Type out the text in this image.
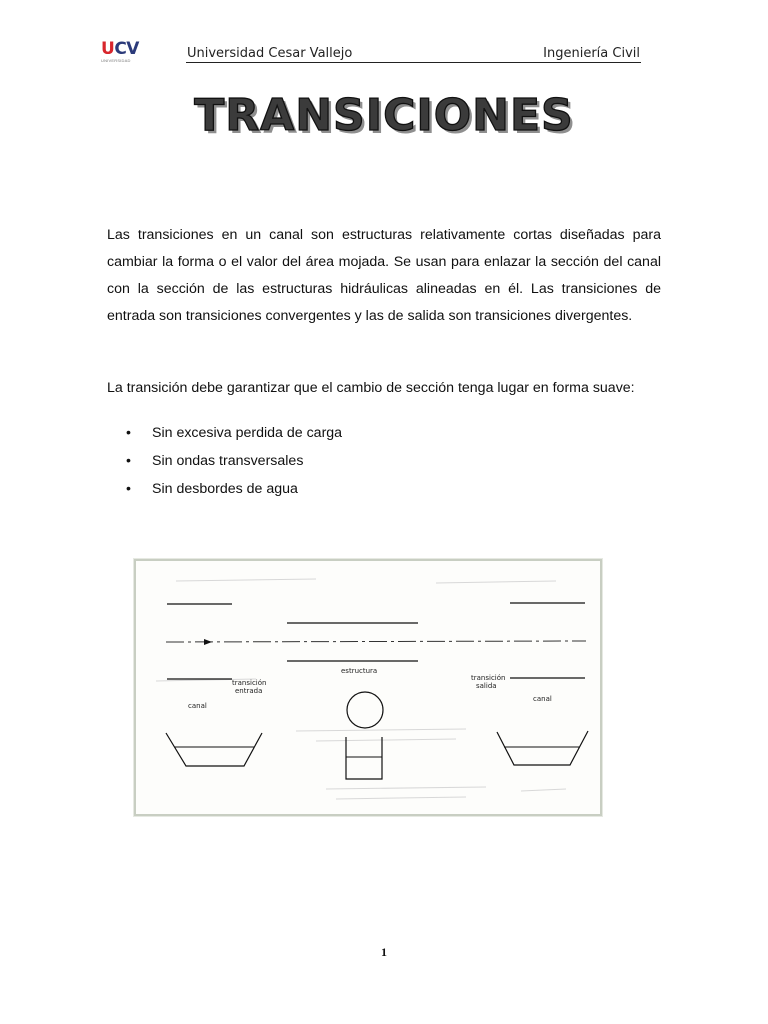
UCV
UNIVERSIDAD	Universidad Cesar Vallejo	Ingeniería Civil
TRANSICIONES

Las transiciones en un canal son estructuras relativamente cortas diseñadas para cambiar la forma o el valor del área mojada. Se usan para enlazar la sección del canal con la sección de las estructuras hidráulicas alineadas en él. Las transiciones de entrada son transiciones convergentes y las de salida son transiciones divergentes.

La transición debe garantizar que el cambio de sección tenga lugar en forma suave:

• Sin excesiva perdida de carga
• Sin ondas transversales
• Sin desbordes de agua
estructura
transición
entrada
transición
salida
canal
canal
1
